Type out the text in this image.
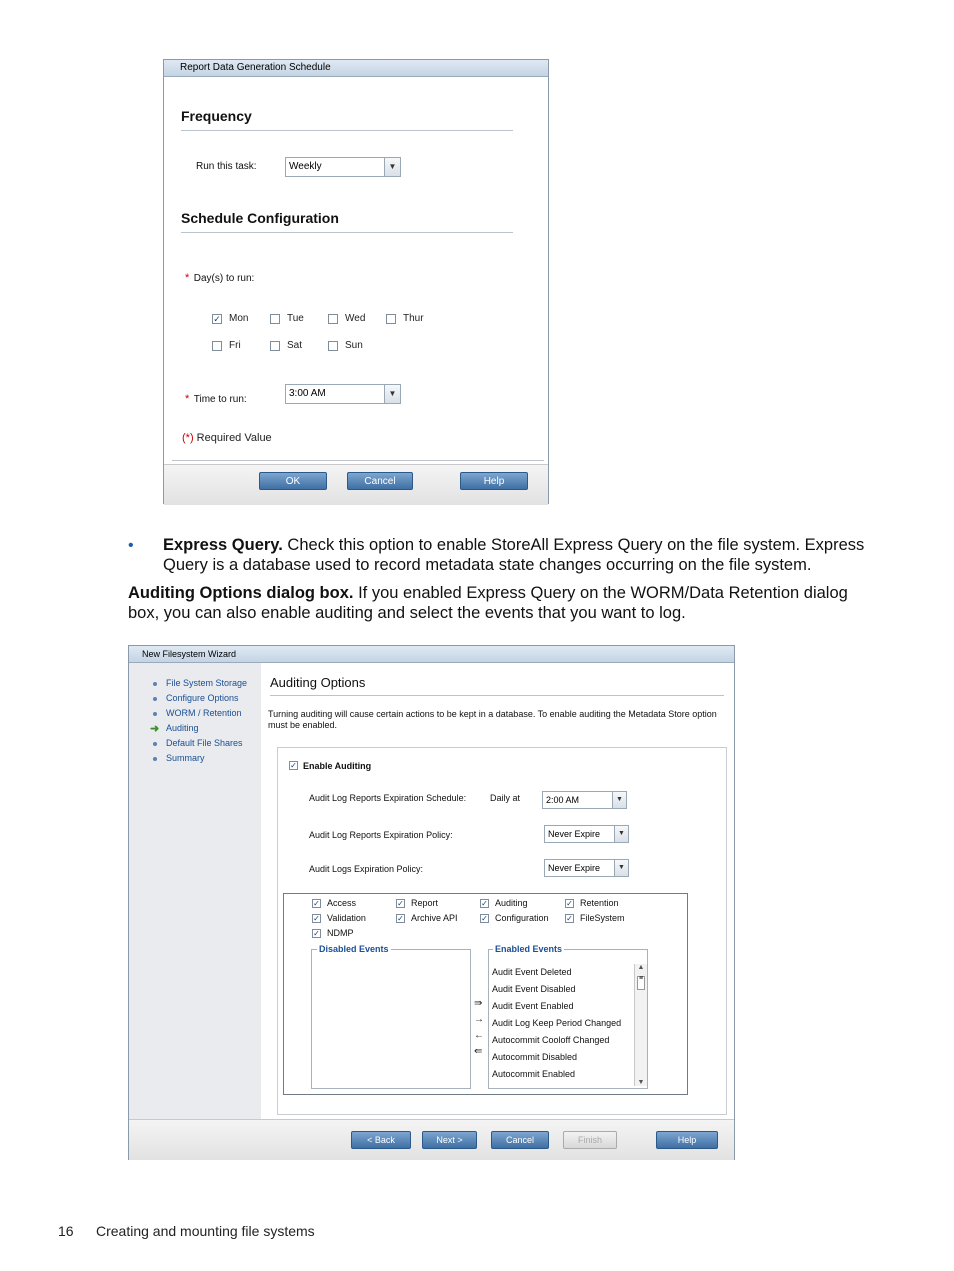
Report Data Generation Schedule
Frequency
Run this task:	Weekly	▼
Schedule Configuration
* Day(s) to run:
✓ Mon	Tue	Wed	Thur
Fri	Sat	Sun
* Time to run:
3:00 AM	▼
(*) Required Value
OK	Cancel	Help
• Express Query. Check this option to enable StoreAll Express Query on the file system. Express Query is a database used to record metadata state changes occurring on the file system.
Auditing Options dialog box. If you enabled Express Query on the WORM/Data Retention dialog box, you can also enable auditing and select the events that you want to log.
New Filesystem Wizard
File System Storage
Configure Options
WORM / Retention
➜ Auditing
Default File Shares
Summary
Auditing Options
Turning auditing will cause certain actions to be kept in a database. To enable auditing the Metadata Store option must be enabled.
✓ Enable Auditing
Audit Log Reports Expiration Schedule:	Daily at	2:00 AM	▼
Audit Log Reports Expiration Policy:	Never Expire	▼
Audit Logs Expiration Policy:	Never Expire	▼
✓ Access	✓ Report	✓ Auditing	✓ Retention
✓ Validation	✓ Archive API	✓ Configuration ✓ FileSystem
✓ NDMP
Disabled Events
⇛
→
←
⇚
Audit Event Deleted
Audit Event Disabled
Audit Event Enabled
Audit Log Keep Period Changed
Autocommit Cooloff Changed
Autocommit Disabled
Autocommit Enabled
▲
≡
▼
Enabled Events
< Back	Next >	Cancel	Finish	Help
16 Creating and mounting file systems
